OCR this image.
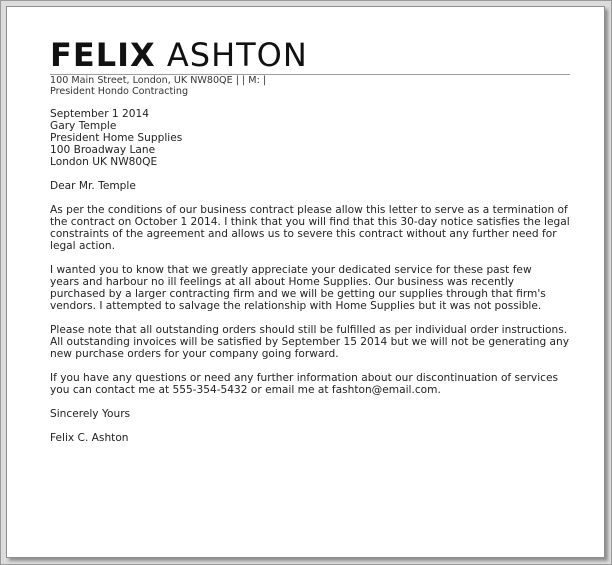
FELIX ASHTON
100 Main Street, London, UK NW80QE | | M: |
President Hondo Contracting
September 1 2014
Gary Temple
President Home Supplies
100 Broadway Lane
London UK NW80QE
Dear Mr. Temple
As per the conditions of our business contract please allow this letter to serve as a termination of
the contract on October 1 2014. I think that you will find that this 30-day notice satisfies the legal
constraints of the agreement and allows us to severe this contract without any further need for
legal action.
I wanted you to know that we greatly appreciate your dedicated service for these past few
years and harbour no ill feelings at all about Home Supplies. Our business was recently
purchased by a larger contracting firm and we will be getting our supplies through that firm's
vendors. I attempted to salvage the relationship with Home Supplies but it was not possible.
Please note that all outstanding orders should still be fulfilled as per individual order instructions.
All outstanding invoices will be satisfied by September 15 2014 but we will not be generating any
new purchase orders for your company going forward.
If you have any questions or need any further information about our discontinuation of services
you can contact me at 555-354-5432 or email me at fashton@email.com.
Sincerely Yours
Felix C. Ashton
